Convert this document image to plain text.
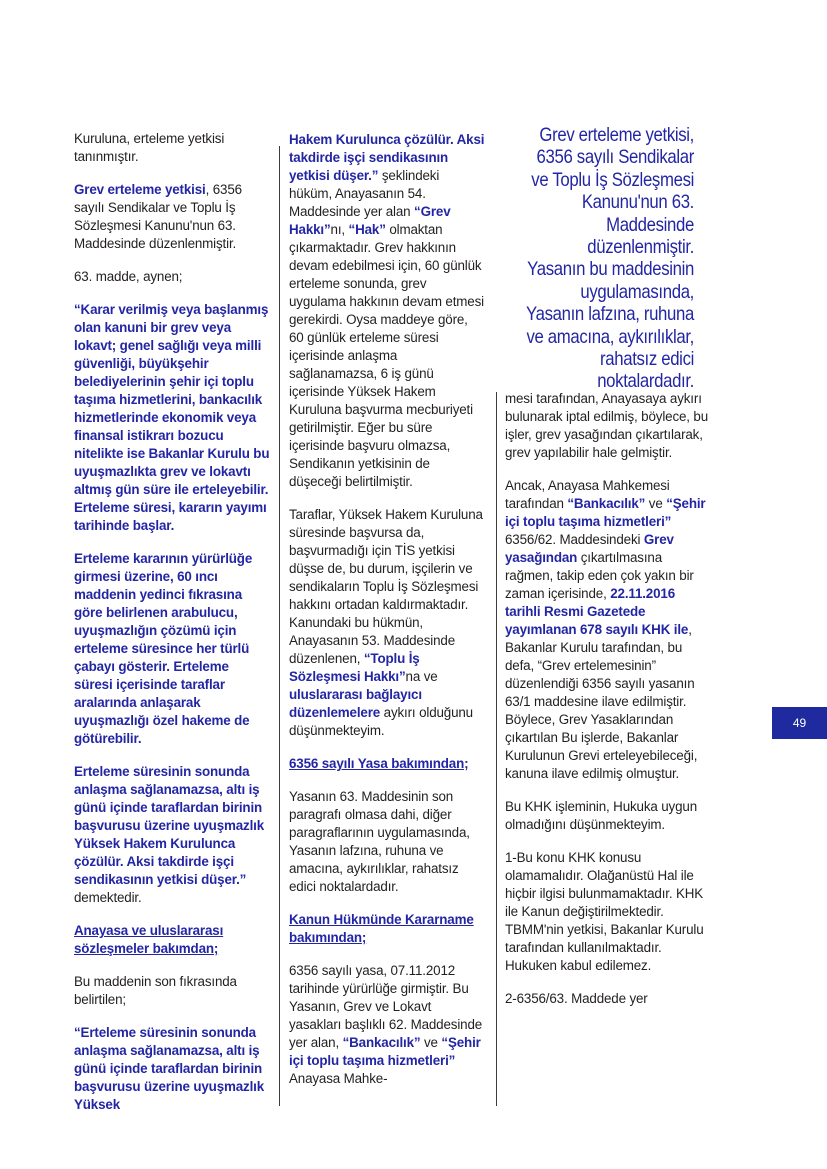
Kuruluna, erteleme yetkisi tanınmıştır.

Grev erteleme yetkisi, 6356 sayılı Sendikalar ve Toplu İş Sözleşmesi Kanunu'nun 63. Maddesinde düzenlenmiştir.

63. madde, aynen;

“Karar verilmiş veya başlanmış olan kanuni bir grev veya lokavt; genel sağlığı veya milli güvenliği, büyükşehir belediyelerinin şehir içi toplu taşıma hizmetlerini, bankacılık hizmetlerinde ekonomik veya finansal istikrarı bozucu nitelikte ise Bakanlar Kurulu bu uyuşmazlıkta grev ve lokavtı altmış gün süre ile erteleyebilir. Erteleme süresi, kararın yayımı tarihinde başlar.

Erteleme kararının yürürlüğe girmesi üzerine, 60 ıncı maddenin yedinci fıkrasına göre belirlenen arabulucu, uyuşmazlığın çözümü için erteleme süresince her türlü çabayı gösterir. Erteleme süresi içerisinde taraflar aralarında anlaşarak uyuşmazlığı özel hakeme de götürebilir.

Erteleme süresinin sonunda anlaşma sağlanamazsa, altı iş günü içinde taraflardan birinin başvurusu üzerine uyuşmazlık Yüksek Hakem Kurulunca çözülür. Aksi takdirde işçi sendikasının yetkisi düşer.” demektedir.

Anayasa ve uluslararası sözleşmeler bakımdan;

Bu maddenin son fıkrasında belirtilen;

“Erteleme süresinin sonunda anlaşma sağlanamazsa, altı iş günü içinde taraflardan birinin başvurusu üzerine uyuşmazlık Yüksek

Hakem Kurulunca çözülür. Aksi takdirde işçi sendikasının yetkisi düşer.” şeklindeki hüküm, Anayasanın 54. Maddesinde yer alan “Grev Hakkı”nı, “Hak” olmaktan çıkarmaktadır. Grev hakkının devam edebilmesi için, 60 günlük erteleme sonunda, grev uygulama hakkının devam etmesi gerekirdi. Oysa maddeye göre, 60 günlük erteleme süresi içerisinde anlaşma sağlanamazsa, 6 iş günü içerisinde Yüksek Hakem Kuruluna başvurma mecburiyeti getirilmiştir. Eğer bu süre içerisinde başvuru olmazsa, Sendikanın yetkisinin de düşeceği belirtilmiştir.

Taraflar, Yüksek Hakem Kuruluna süresinde başvursa da, başvurmadığı için TİS yetkisi düşse de, bu durum, işçilerin ve sendikaların Toplu İş Sözleşmesi hakkını ortadan kaldırmaktadır. Kanundaki bu hükmün, Anayasanın 53. Maddesinde düzenlenen, “Toplu İş Sözleşmesi Hakkı”na ve uluslararası bağlayıcı düzenlemelere aykırı olduğunu düşünmekteyim.

6356 sayılı Yasa bakımından;

Yasanın 63. Maddesinin son paragrafı olmasa dahi, diğer paragraflarının uygulamasında, Yasanın lafzına, ruhuna ve amacına, aykırılıklar, rahatsız edici noktalardadır.

Kanun Hükmünde Kararname bakımından;

6356 sayılı yasa, 07.11.2012 tarihinde yürürlüğe girmiştir. Bu Yasanın, Grev ve Lokavt yasakları başlıklı 62. Maddesinde yer alan, “Bankacılık” ve “Şehir içi toplu taşıma hizmetleri” Anayasa Mahke-

Grev erteleme yetkisi, 6356 sayılı Sendikalar ve Toplu İş Sözleşmesi Kanunu'nun 63. Maddesinde düzenlenmiştir. Yasanın bu maddesinin uygulamasında, Yasanın lafzına, ruhuna ve amacına, aykırılıklar, rahatsız edici noktalardadır.

mesi tarafından, Anayasaya aykırı bulunarak iptal edilmiş, böylece, bu işler, grev yasağından çıkartılarak, grev yapılabilir hale gelmiştir.

Ancak, Anayasa Mahkemesi tarafından “Bankacılık” ve “Şehir içi toplu taşıma hizmetleri” 6356/62. Maddesindeki Grev yasağından çıkartılmasına rağmen, takip eden çok yakın bir zaman içerisinde, 22.11.2016 tarihli Resmi Gazetede yayımlanan 678 sayılı KHK ile, Bakanlar Kurulu tarafından, bu defa, “Grev ertelemesinin” düzenlendiği 6356 sayılı yasanın 63/1 maddesine ilave edilmiştir. Böylece, Grev Yasaklarından çıkartılan Bu işlerde, Bakanlar Kurulunun Grevi erteleyebileceği, kanuna ilave edilmiş olmuştur.

Bu KHK işleminin, Hukuka uygun olmadığını düşünmekteyim.

1-Bu konu KHK konusu olamamalıdır. Olağanüstü Hal ile hiçbir ilgisi bulunmamaktadır. KHK ile Kanun değiştirilmektedir. TBMM'nin yetkisi, Bakanlar Kurulu tarafından kullanılmaktadır. Hukuken kabul edilemez.

2-6356/63. Maddede yer

49
